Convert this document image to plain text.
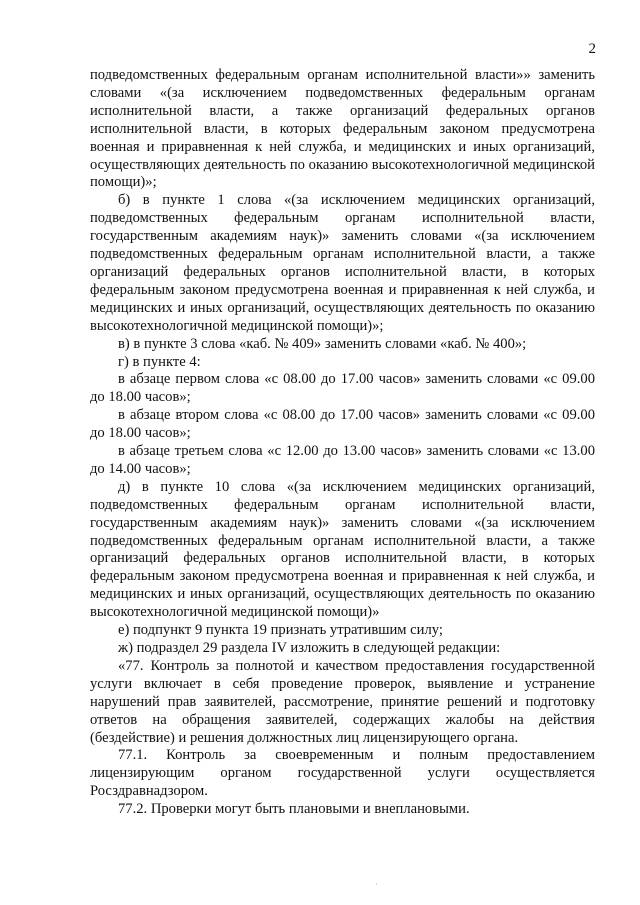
2

подведомственных федеральным органам исполнительной власти»» заменить словами «(за исключением подведомственных федеральным органам исполнительной власти, а также организаций федеральных органов исполнительной власти, в которых федеральным законом предусмотрена военная и приравненная к ней служба, и медицинских и иных организаций, осуществляющих деятельность по оказанию высокотехнологичной медицинской помощи)»;

б) в пункте 1 слова «(за исключением медицинских организаций, подведомственных федеральным органам исполнительной власти, государственным академиям наук)» заменить словами «(за исключением подведомственных федеральным органам исполнительной власти, а также организаций федеральных органов исполнительной власти, в которых федеральным законом предусмотрена военная и приравненная к ней служба, и медицинских и иных организаций, осуществляющих деятельность по оказанию высокотехнологичной медицинской помощи)»;

в) в пункте 3 слова «каб. № 409» заменить словами «каб. № 400»;

г) в пункте 4:

в абзаце первом слова «с 08.00 до 17.00 часов» заменить словами «с 09.00 до 18.00 часов»;

в абзаце втором слова «с 08.00 до 17.00 часов» заменить словами «с 09.00 до 18.00 часов»;

в абзаце третьем слова «с 12.00 до 13.00 часов» заменить словами «с 13.00 до 14.00 часов»;

д) в пункте 10 слова «(за исключением медицинских организаций, подведомственных федеральным органам исполнительной власти, государственным академиям наук)» заменить словами «(за исключением подведомственных федеральным органам исполнительной власти, а также организаций федеральных органов исполнительной власти, в которых федеральным законом предусмотрена военная и приравненная к ней служба, и медицинских и иных организаций, осуществляющих деятельность по оказанию высокотехнологичной медицинской помощи)»

е) подпункт 9 пункта 19 признать утратившим силу;

ж) подраздел 29 раздела IV изложить в следующей редакции:

«77. Контроль за полнотой и качеством предоставления государственной услуги включает в себя проведение проверок, выявление и устранение нарушений прав заявителей, рассмотрение, принятие решений и подготовку ответов на обращения заявителей, содержащих жалобы на действия (бездействие) и решения должностных лиц лицензирующего органа.

77.1. Контроль за своевременным и полным предоставлением лицензирующим органом государственной услуги осуществляется Росздравнадзором.

77.2. Проверки могут быть плановыми и внеплановыми.

·
